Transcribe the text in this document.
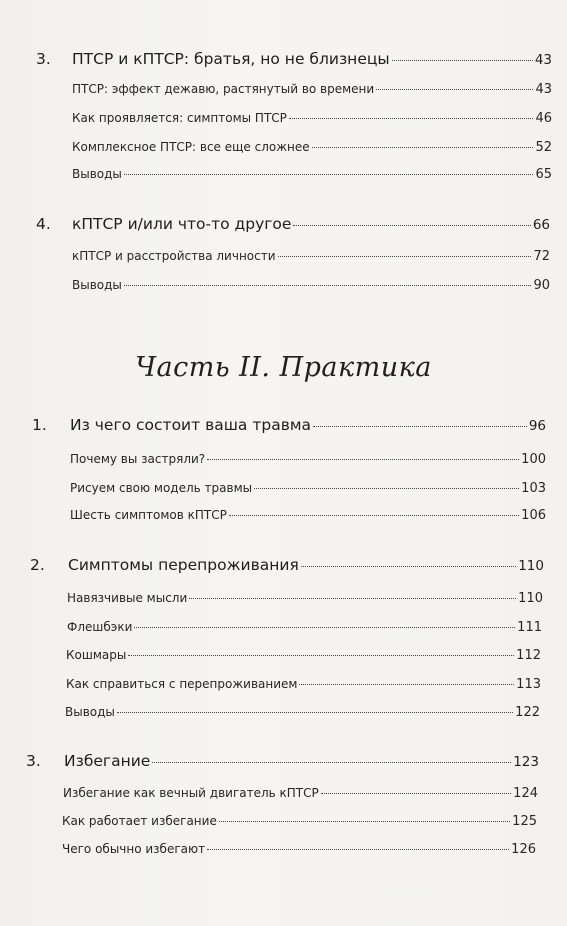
3. ПТСР и кПТСР: братья, но не близнецы	43
ПТСР: эффект дежавю, растянутый во времени	43
Как проявляется: симптомы ПТСР	46
Комплексное ПТСР: все еще сложнее	52
Выводы	65
4. кПТСР и/или что-то другое	66
кПТСР и расстройства личности	72
Выводы	90
Часть II. Практика
1. Из чего состоит ваша травма	96
Почему вы застряли?	100
Рисуем свою модель травмы	103
Шесть симптомов кПТСР	106
2. Симптомы перепроживания	110
Навязчивые мысли	110
Флешбэки	111
Кошмары	112
Как справиться с перепроживанием	113
Выводы	122
3. Избегание	123
Избегание как вечный двигатель кПТСР	124
Как работает избегание	125
Чего обычно избегают	126
